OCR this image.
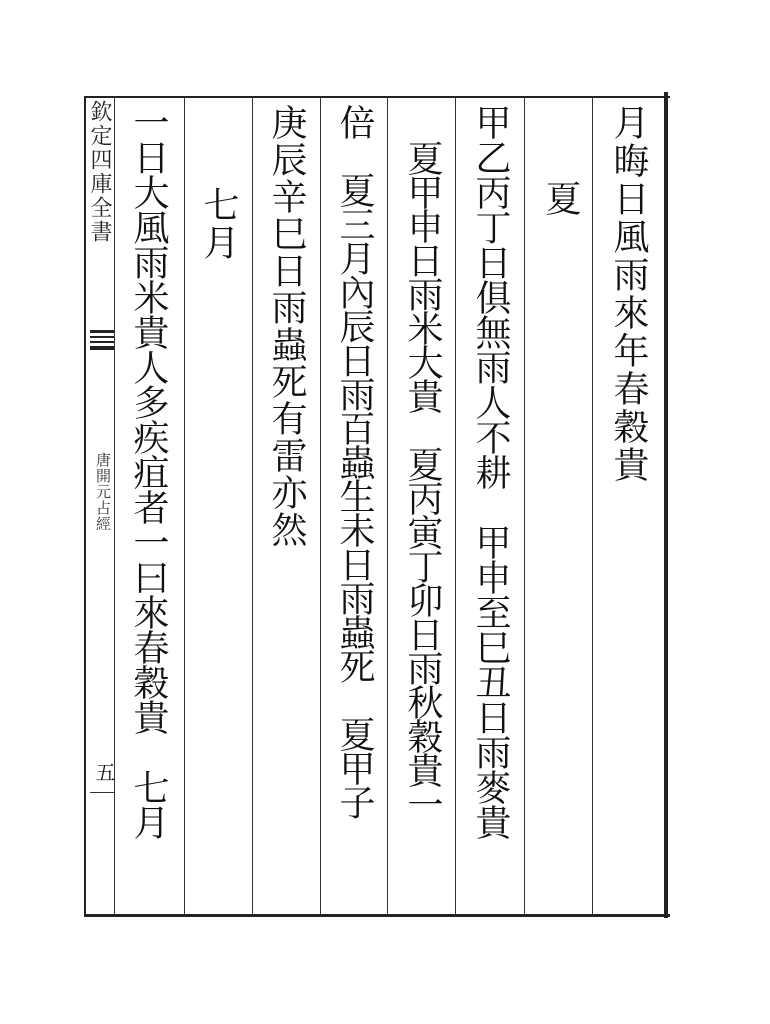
欽定四庫全書
唐開元占經
五
月晦日風雨來年春穀貴
夏
甲乙丙丁日俱無雨人不耕　甲申至巳丑日雨麥貴
夏甲申日雨米大貴　夏丙寅丁卯日雨秋穀貴一
倍　夏三月內辰日雨百蟲生未日雨蟲死　夏甲子
庚辰辛巳日雨蟲死有雷亦然
七月
一日大風雨米貴人多疾疽者一曰來春穀貴　七月
